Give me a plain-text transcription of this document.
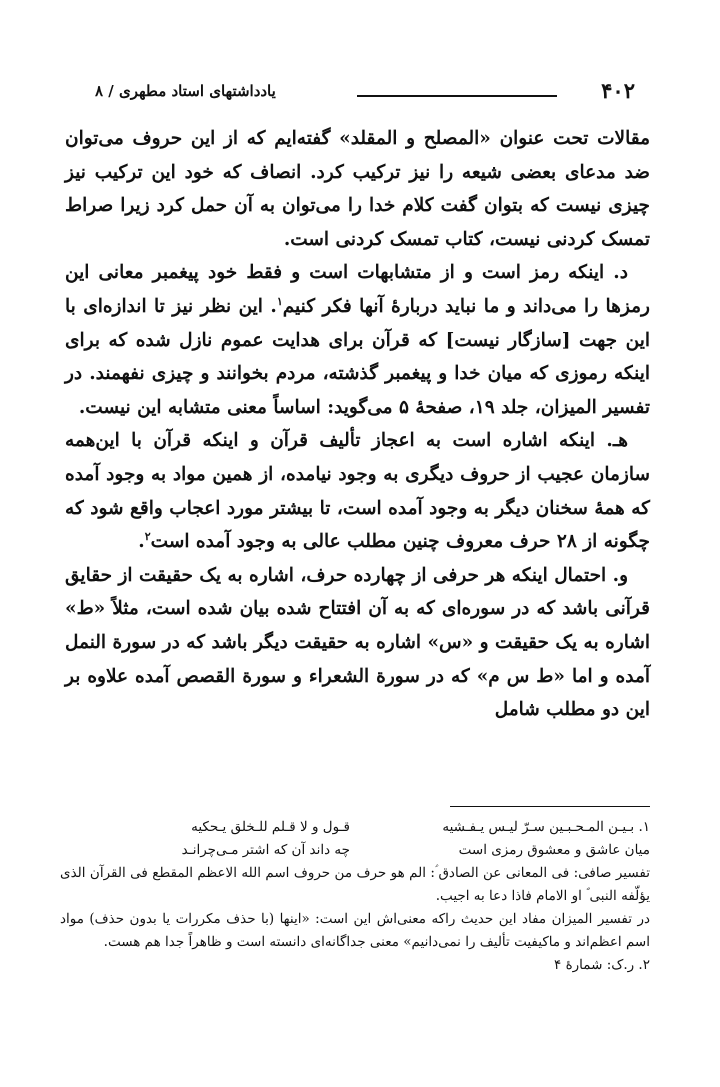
۴۰۲
یادداشتهای استاد مطهری / ۸

مقالات تحت عنوان «المصلح و المقلد» گفته‌ایم که از این حروف می‌توان ضد مدعای بعضی شیعه را نیز ترکیب کرد. انصاف که خود این ترکیب نیز چیزی نیست که بتوان گفت کلام خدا را می‌توان به آن حمل کرد زیرا صراط تمسک کردنی نیست، کتاب تمسک کردنی است.

د. اینکه رمز است و از متشابهات است و فقط خود پیغمبر معانی این رمزها را می‌داند و ما نباید دربارهٔ آنها فکر کنیم$^۱$. این نظر نیز تا اندازه‌ای با این جهت [سازگار نیست] که قرآن برای هدایت عموم نازل شده که برای اینکه رموزی که میان خدا و پیغمبر گذشته، مردم بخوانند و چیزی نفهمند. در تفسیر المیزان، جلد ۱۹، صفحهٔ ۵ می‌گوید: اساساً معنی متشابه این نیست.

هـ. اینکه اشاره است به اعجاز تألیف قرآن و اینکه قرآن با این‌همه سازمان عجیب از حروف دیگری به وجود نیامده، از همین مواد به وجود آمده که همهٔ سخنان دیگر به وجود آمده است، تا بیشتر مورد اعجاب واقع شود که چگونه از ۲۸ حرف معروف چنین مطلب عالی به وجود آمده است$^۲$.

و. احتمال اینکه هر حرفی از چهارده حرف، اشاره به یک حقیقت از حقایق قرآنی باشد که در سوره‌ای که به آن افتتاح شده بیان شده است، مثلاً «ط» اشاره به یک حقیقت و «س» اشاره به حقیقت دیگر باشد که در سورة النمل آمده و اما «ط س م» که در سورة الشعراء و سورة القصص آمده علاوه بر این دو مطلب شامل

۱. بـیـن المـحـبـین سـرّ لیـس یـفـشیه
میان عاشق و معشوق رمزی است
قـول و لا قـلم للـخلق یـحکیه
چه داند آن که اشتر مـی‌چرانـد

تفسیر صافی: فی المعانی عن الصادق ؑ: الم هو حرف من حروف اسم الله الاعظم المقطع فی القرآن الذی یؤلّفه النبی ؐ او الامام فاذا دعا به اجیب.

در تفسیر المیزان مفاد این حدیث راکه معنی‌اش این است: «اینها (با حذف مکررات یا بدون حذف) مواد اسم اعظم‌اند و ماکیفیت تألیف را نمی‌دانیم» معنی جداگانه‌ای دانسته است و ظاهراً جدا هم هست.

۲. ر.ک: شمارهٔ ۴
